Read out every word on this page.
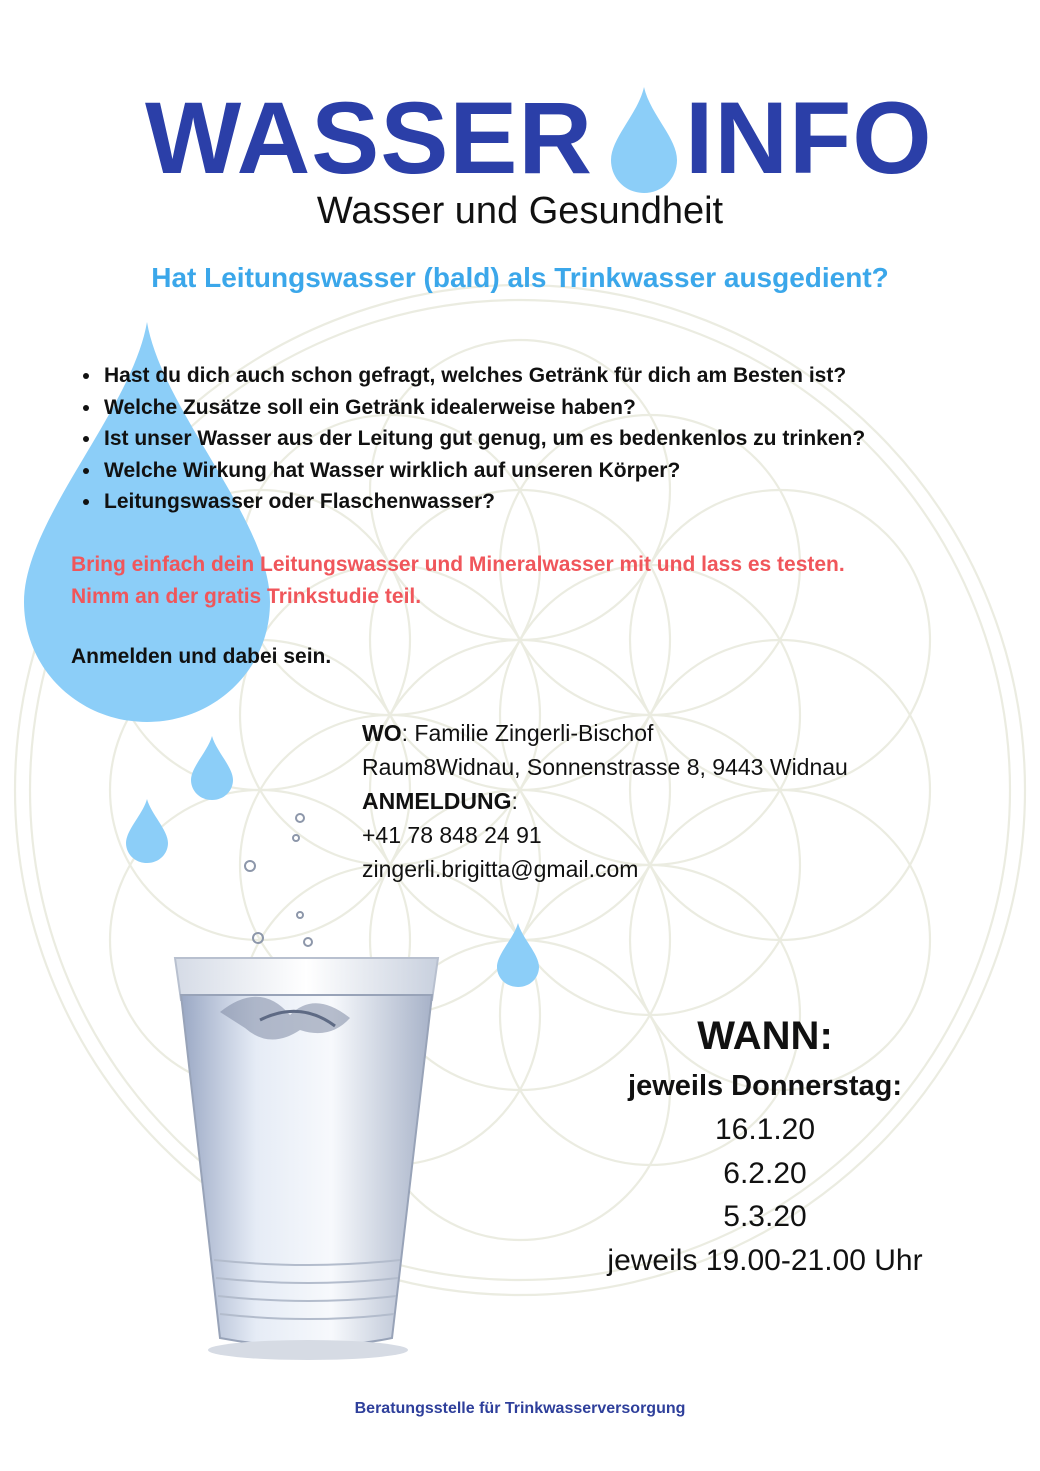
WASSER INFO
Wasser und Gesundheit
Hat Leitungswasser (bald) als Trinkwasser ausgedient?
• Hast du dich auch schon gefragt, welches Getränk für dich am Besten ist?
• Welche Zusätze soll ein Getränk idealerweise haben?
• Ist unser Wasser aus der Leitung gut genug, um es bedenkenlos zu trinken?
• Welche Wirkung hat Wasser wirklich auf unseren Körper?
• Leitungswasser oder Flaschenwasser?
Bring einfach dein Leitungswasser und Mineralwasser mit und lass es testen.
Nimm an der gratis Trinkstudie teil.
Anmelden und dabei sein.
WO: Familie Zingerli-Bischof
Raum8Widnau, Sonnenstrasse 8, 9443 Widnau
ANMELDUNG:
+41 78 848 24 91
zingerli.brigitta@gmail.com
WANN:
jeweils Donnerstag:
16.1.20
6.2.20
5.3.20
jeweils 19.00-21.00 Uhr
Beratungsstelle für Trinkwasserversorgung
